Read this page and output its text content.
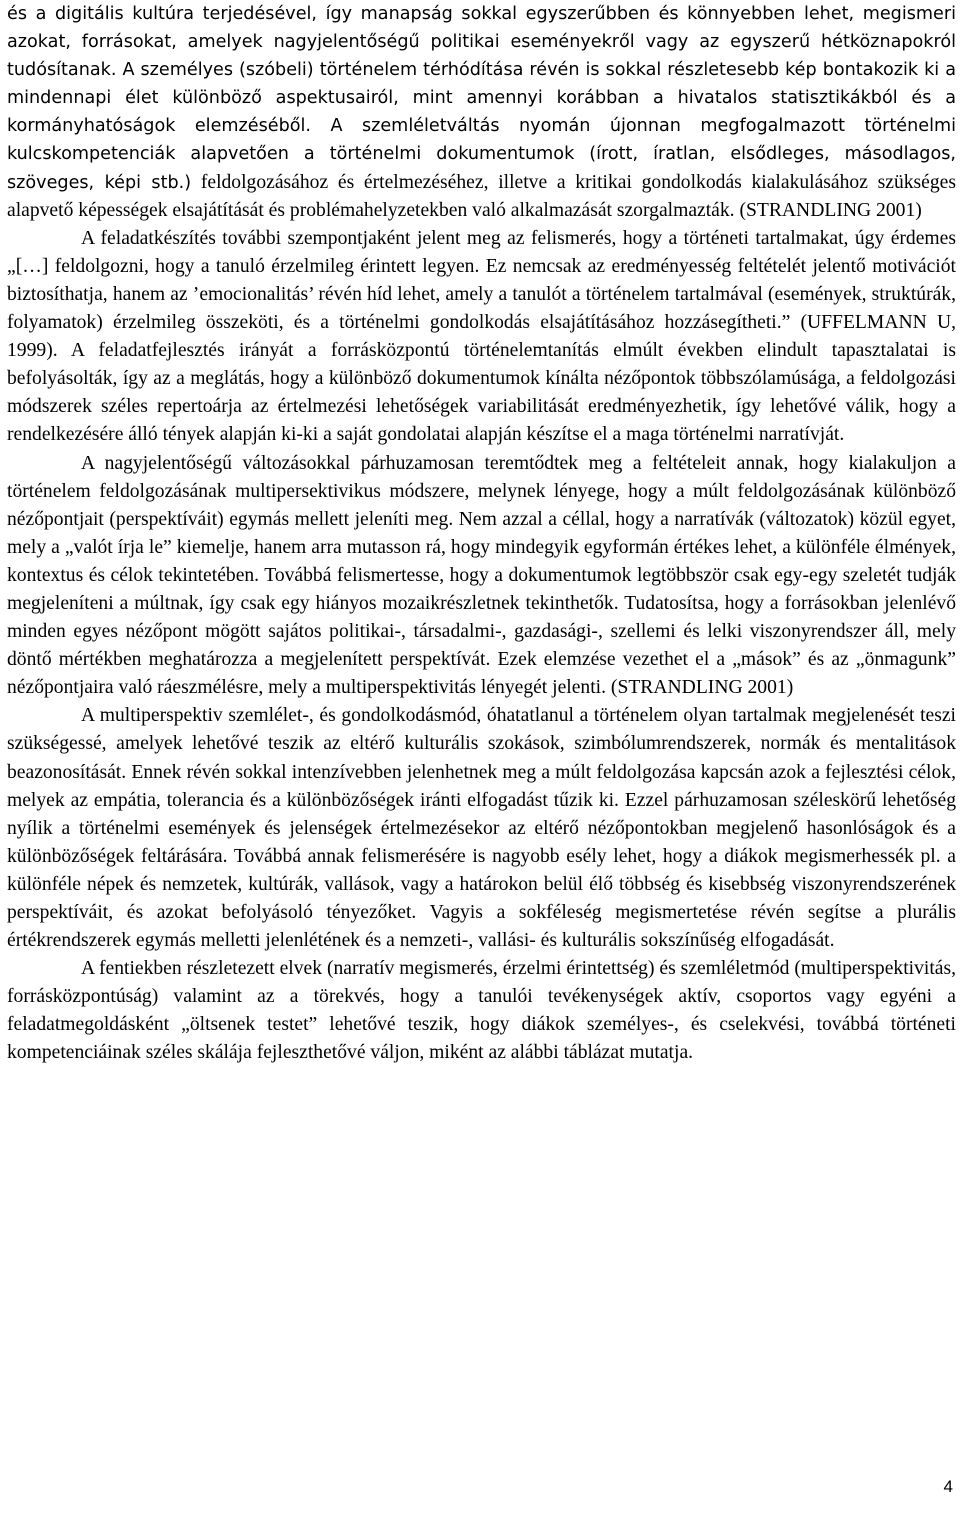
és a digitális kultúra terjedésével, így manapság sokkal egyszerűbben és könnyebben lehet, megismeri azokat, forrásokat, amelyek nagyjelentőségű politikai eseményekről vagy az egyszerű hétköznapokról tudósítanak. A személyes (szóbeli) történelem térhódítása révén is sokkal részletesebb kép bontakozik ki a mindennapi élet különböző aspektusairól, mint amennyi korábban a hivatalos statisztikákból és a kormányhatóságok elemzéséből. A szemléletváltás nyomán újonnan megfogalmazott történelmi kulcskompetenciák alapvetően a történelmi dokumentumok (írott, íratlan, elsődleges, másodlagos, szöveges, képi stb.) feldolgozásához és értelmezéséhez, illetve a kritikai gondolkodás kialakulásához szükséges alapvető képességek elsajátítását és problémahelyzetekben való alkalmazását szorgalmazták. (STRANDLING 2001)

A feladatkészítés további szempontjaként jelent meg az felismerés, hogy a történeti tartalmakat, úgy érdemes „[…] feldolgozni, hogy a tanuló érzelmileg érintett legyen. Ez nemcsak az eredményesség feltételét jelentő motivációt biztosíthatja, hanem az ’emocionalitás’ révén híd lehet, amely a tanulót a történelem tartalmával (események, struktúrák, folyamatok) érzelmileg összeköti, és a történelmi gondolkodás elsajátításához hozzásegítheti.” (UFFELMANN U, 1999). A feladatfejlesztés irányát a forrásközpontú történelemtanítás elmúlt években elindult tapasztalatai is befolyásolták, így az a meglátás, hogy a különböző dokumentumok kínálta nézőpontok többszólamúsága, a feldolgozási módszerek széles repertoárja az értelmezési lehetőségek variabilitását eredményezhetik, így lehetővé válik, hogy a rendelkezésére álló tények alapján ki-ki a saját gondolatai alapján készítse el a maga történelmi narratívját.

A nagyjelentőségű változásokkal párhuzamosan teremtődtek meg a feltételeit annak, hogy kialakuljon a történelem feldolgozásának multipersektivikus módszere, melynek lényege, hogy a múlt feldolgozásának különböző nézőpontjait (perspektíváit) egymás mellett jeleníti meg. Nem azzal a céllal, hogy a narratívák (változatok) közül egyet, mely a „valót írja le” kiemelje, hanem arra mutasson rá, hogy mindegyik egyformán értékes lehet, a különféle élmények, kontextus és célok tekintetében. Továbbá felismertesse, hogy a dokumentumok legtöbbször csak egy-egy szeletét tudják megjeleníteni a múltnak, így csak egy hiányos mozaikrészletnek tekinthetők. Tudatosítsa, hogy a forrásokban jelenlévő minden egyes nézőpont mögött sajátos politikai-, társadalmi-, gazdasági-, szellemi és lelki viszonyrendszer áll, mely döntő mértékben meghatározza a megjelenített perspektívát. Ezek elemzése vezethet el a „mások” és az „önmagunk” nézőpontjaira való ráeszmélésre, mely a multiperspektivitás lényegét jelenti. (STRANDLING 2001)

A multiperspektiv szemlélet-, és gondolkodásmód, óhatatlanul a történelem olyan tartalmak megjelenését teszi szükségessé, amelyek lehetővé teszik az eltérő kulturális szokások, szimbólumrendszerek, normák és mentalitások beazonosítását. Ennek révén sokkal intenzívebben jelenhetnek meg a múlt feldolgozása kapcsán azok a fejlesztési célok, melyek az empátia, tolerancia és a különbözőségek iránti elfogadást tűzik ki. Ezzel párhuzamosan széleskörű lehetőség nyílik a történelmi események és jelenségek értelmezésekor az eltérő nézőpontokban megjelenő hasonlóságok és a különbözőségek feltárására. Továbbá annak felismerésére is nagyobb esély lehet, hogy a diákok megismerhessék pl. a különféle népek és nemzetek, kultúrák, vallások, vagy a határokon belül élő többség és kisebbség viszonyrendszerének perspektíváit, és azokat befolyásoló tényezőket. Vagyis a sokféleség megismertetése révén segítse a plurális értékrendszerek egymás melletti jelenlétének és a nemzeti-, vallási- és kulturális sokszínűség elfogadását.

A fentiekben részletezett elvek (narratív megismerés, érzelmi érintettség) és szemléletmód (multiperspektivitás, forrásközpontúság) valamint az a törekvés, hogy a tanulói tevékenységek aktív, csoportos vagy egyéni a feladatmegoldásként „öltsenek testet” lehetővé teszik, hogy diákok személyes-, és cselekvési, továbbá történeti kompetenciáinak széles skálája fejleszthetővé váljon, miként az alábbi táblázat mutatja.

4
